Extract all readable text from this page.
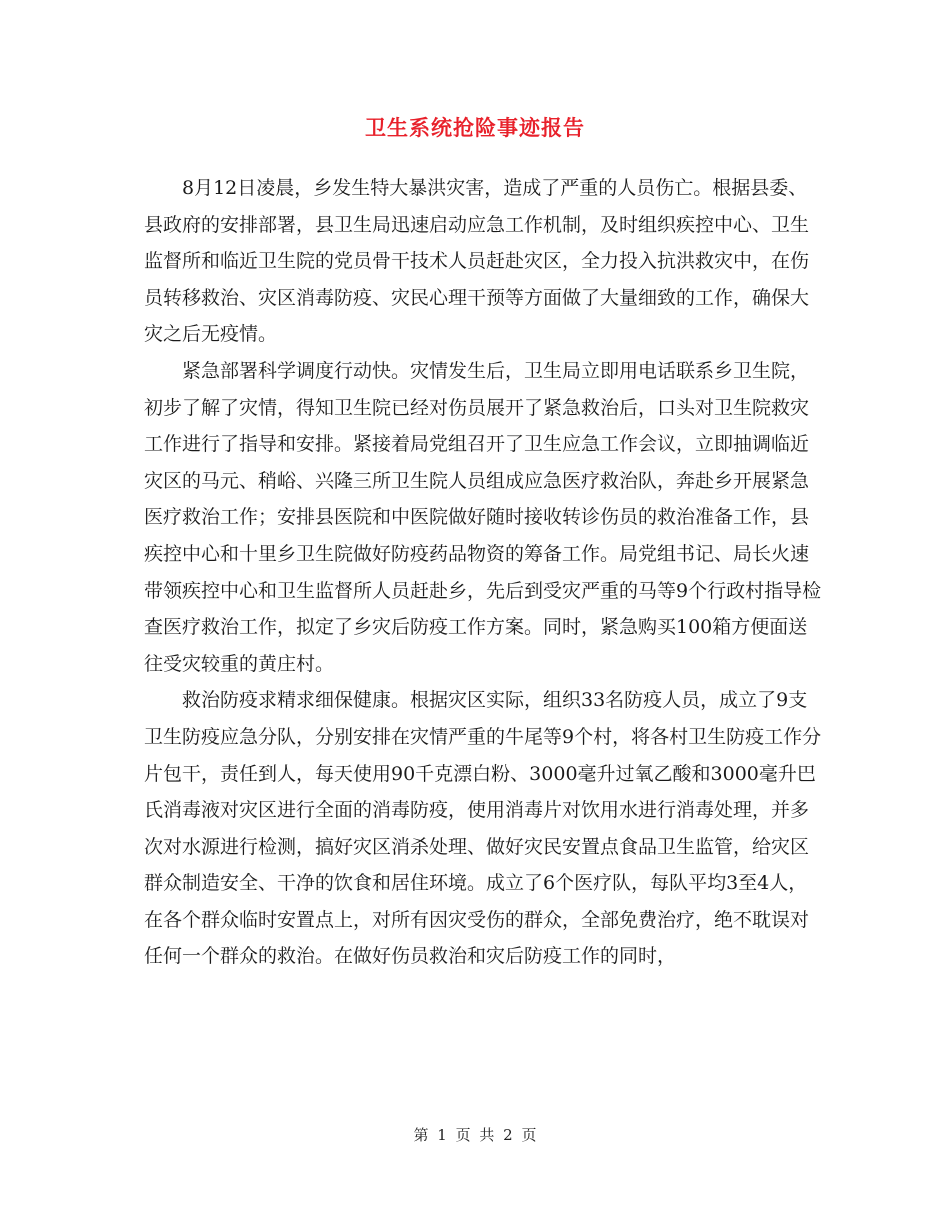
卫生系统抢险事迹报告

8月12日凌晨，乡发生特大暴洪灾害，造成了严重的人员伤亡。根据县委、县政府的安排部署，县卫生局迅速启动应急工作机制，及时组织疾控中心、卫生监督所和临近卫生院的党员骨干技术人员赶赴灾区，全力投入抗洪救灾中，在伤员转移救治、灾区消毒防疫、灾民心理干预等方面做了大量细致的工作，确保大灾之后无疫情。

紧急部署科学调度行动快。灾情发生后，卫生局立即用电话联系乡卫生院，初步了解了灾情，得知卫生院已经对伤员展开了紧急救治后，口头对卫生院救灾工作进行了指导和安排。紧接着局党组召开了卫生应急工作会议，立即抽调临近灾区的马元、稍峪、兴隆三所卫生院人员组成应急医疗救治队，奔赴乡开展紧急医疗救治工作；安排县医院和中医院做好随时接收转诊伤员的救治准备工作，县疾控中心和十里乡卫生院做好防疫药品物资的筹备工作。局党组书记、局长火速带领疾控中心和卫生监督所人员赶赴乡，先后到受灾严重的马等9个行政村指导检查医疗救治工作，拟定了乡灾后防疫工作方案。同时，紧急购买100箱方便面送往受灾较重的黄庄村。

救治防疫求精求细保健康。根据灾区实际，组织33名防疫人员，成立了9支卫生防疫应急分队，分别安排在灾情严重的牛尾等9个村，将各村卫生防疫工作分片包干，责任到人，每天使用90千克漂白粉、3000毫升过氧乙酸和3000毫升巴氏消毒液对灾区进行全面的消毒防疫，使用消毒片对饮用水进行消毒处理，并多次对水源进行检测，搞好灾区消杀处理、做好灾民安置点食品卫生监管，给灾区群众制造安全、干净的饮食和居住环境。成立了6个医疗队，每队平均3至4人，在各个群众临时安置点上，对所有因灾受伤的群众，全部免费治疗，绝不耽误对任何一个群众的救治。在做好伤员救治和灾后防疫工作的同时，

第 1 页 共 2 页
